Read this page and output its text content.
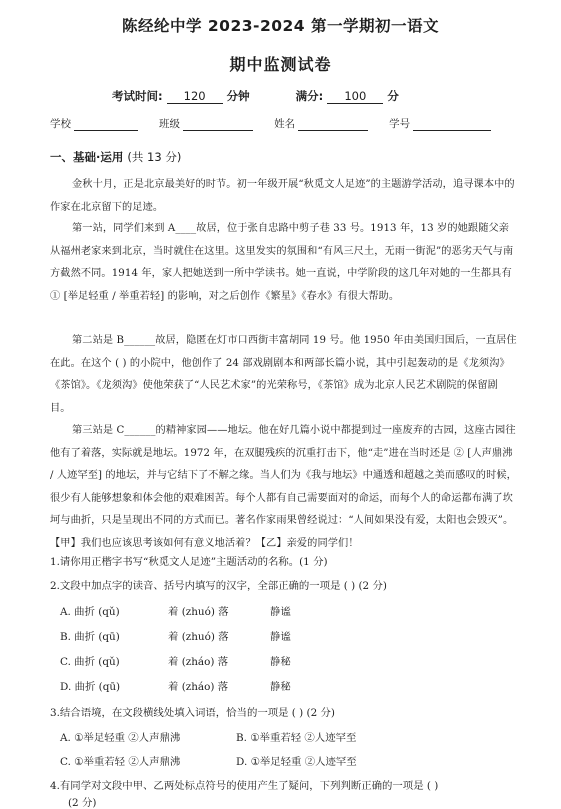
陈经纶中学 2023-2024 第一学期初一语文
期中监测试卷
考试时间: 120 分钟	满分: 100 分
学校	班级	姓名	学号
一、基础·运用 (共 13 分)
金秋十月，正是北京最美好的时节。初一年级开展“秋觅文人足迹”的主题游学活动，追寻课本中的作家在北京留下的足迹。
第一站，同学们来到 A____故居，位于张自忠路中剪子巷 33 号。1913 年，13 岁的她跟随父亲从福州老家来到北京，当时就住在这里。这里发实的氛围和“有风三尺土，无雨一街泥”的恶劣天气与南方截然不同。1914 年，家人把她送到一所中学读书。她一直说，中学阶段的这几年对她的一生都具有 ① [举足轻重 / 举重若轻] 的影响，对之后创作《繁星》《春水》有很大帮助。
第二站是 B______故居，隐匿在灯市口西街丰富胡同 19 号。他 1950 年由美国归国后，一直居住在此。在这个 ( ) 的小院中，他创作了 24 部戏剧剧本和两部长篇小说，其中引起轰动的是《龙须沟》《茶馆》。《龙须沟》使他荣获了“人民艺术家”的光荣称号，《茶馆》成为北京人民艺术剧院的保留剧目。
第三站是 C______的精神家园——地坛。他在好几篇小说中都提到过一座废弃的古园，这座古园往他有了着落，实际就是地坛。1972 年，在双腿残疾的沉重打击下，他“走”进在当时还是 ② [人声鼎沸 / 人迹罕至] 的地坛，并与它结下了不解之缘。当人们为《我与地坛》中通透和超越之美而感叹的时候，很少有人能够想象和体会他的艰难困苦。每个人都有自己需要面对的命运，而每个人的命运都布满了坎坷与曲折，只是呈现出不同的方式而已。著名作家雨果曾经说过：“人间如果没有爱，太阳也会毁灭”。【甲】我们也应该思考该如何有意义地活着？【乙】亲爱的同学们！
1.请你用正楷字书写“秋觅文人足迹”主题活动的名称。(1 分)
2.文段中加点字的读音、括号内填写的汉字，全部正确的一项是 ( ) (2 分)
A. 曲折 (qǔ)	着 (zhuó) 落	静谧
B. 曲折 (qū)	着 (zhuó) 落	静谧
C. 曲折 (qǔ)	着 (zháo) 落	静秘
D. 曲折 (qū)	着 (zháo) 落	静秘
3.结合语境，在文段横线处填入词语，恰当的一项是 ( ) (2 分)
A. ①举足轻重 ②人声鼎沸	B. ①举重若轻 ②人迹罕至
C. ①举重若轻 ②人声鼎沸	D. ①举足轻重 ②人迹罕至
4.有同学对文段中甲、乙两处标点符号的使用产生了疑问，下列判断正确的一项是 ( )
(2 分)
